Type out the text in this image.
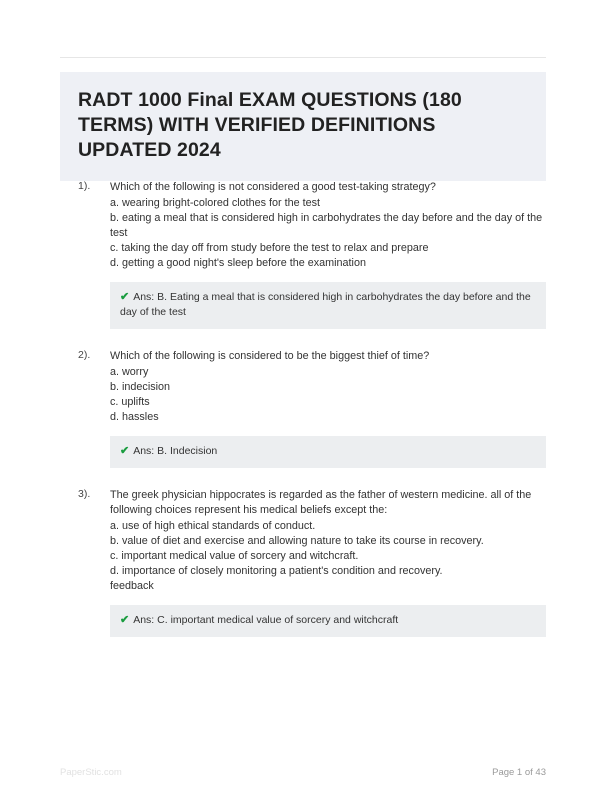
RADT 1000 Final EXAM QUESTIONS (180 TERMS) WITH VERIFIED DEFINITIONS UPDATED 2024
1).	Which of the following is not considered a good test-taking strategy?

a. wearing bright-colored clothes for the test

b. eating a meal that is considered high in carbohydrates the day before and the day of the test

c. taking the day off from study before the test to relax and prepare

d. getting a good night's sleep before the examination

✔ Ans: B. Eating a meal that is considered high in carbohydrates the day before and the day of the test
2).	Which of the following is considered to be the biggest thief of time?

a. worry

b. indecision

c. uplifts

d. hassles

✔ Ans: B. Indecision
3).	The greek physician hippocrates is regarded as the father of western medicine. all of the following choices represent his medical beliefs except the:

a. use of high ethical standards of conduct.

b. value of diet and exercise and allowing nature to take its course in recovery.

c. important medical value of sorcery and witchcraft.

d. importance of closely monitoring a patient's condition and recovery.

feedback

✔ Ans: C. important medical value of sorcery and witchcraft
PaperStic.com	Page 1 of 43
